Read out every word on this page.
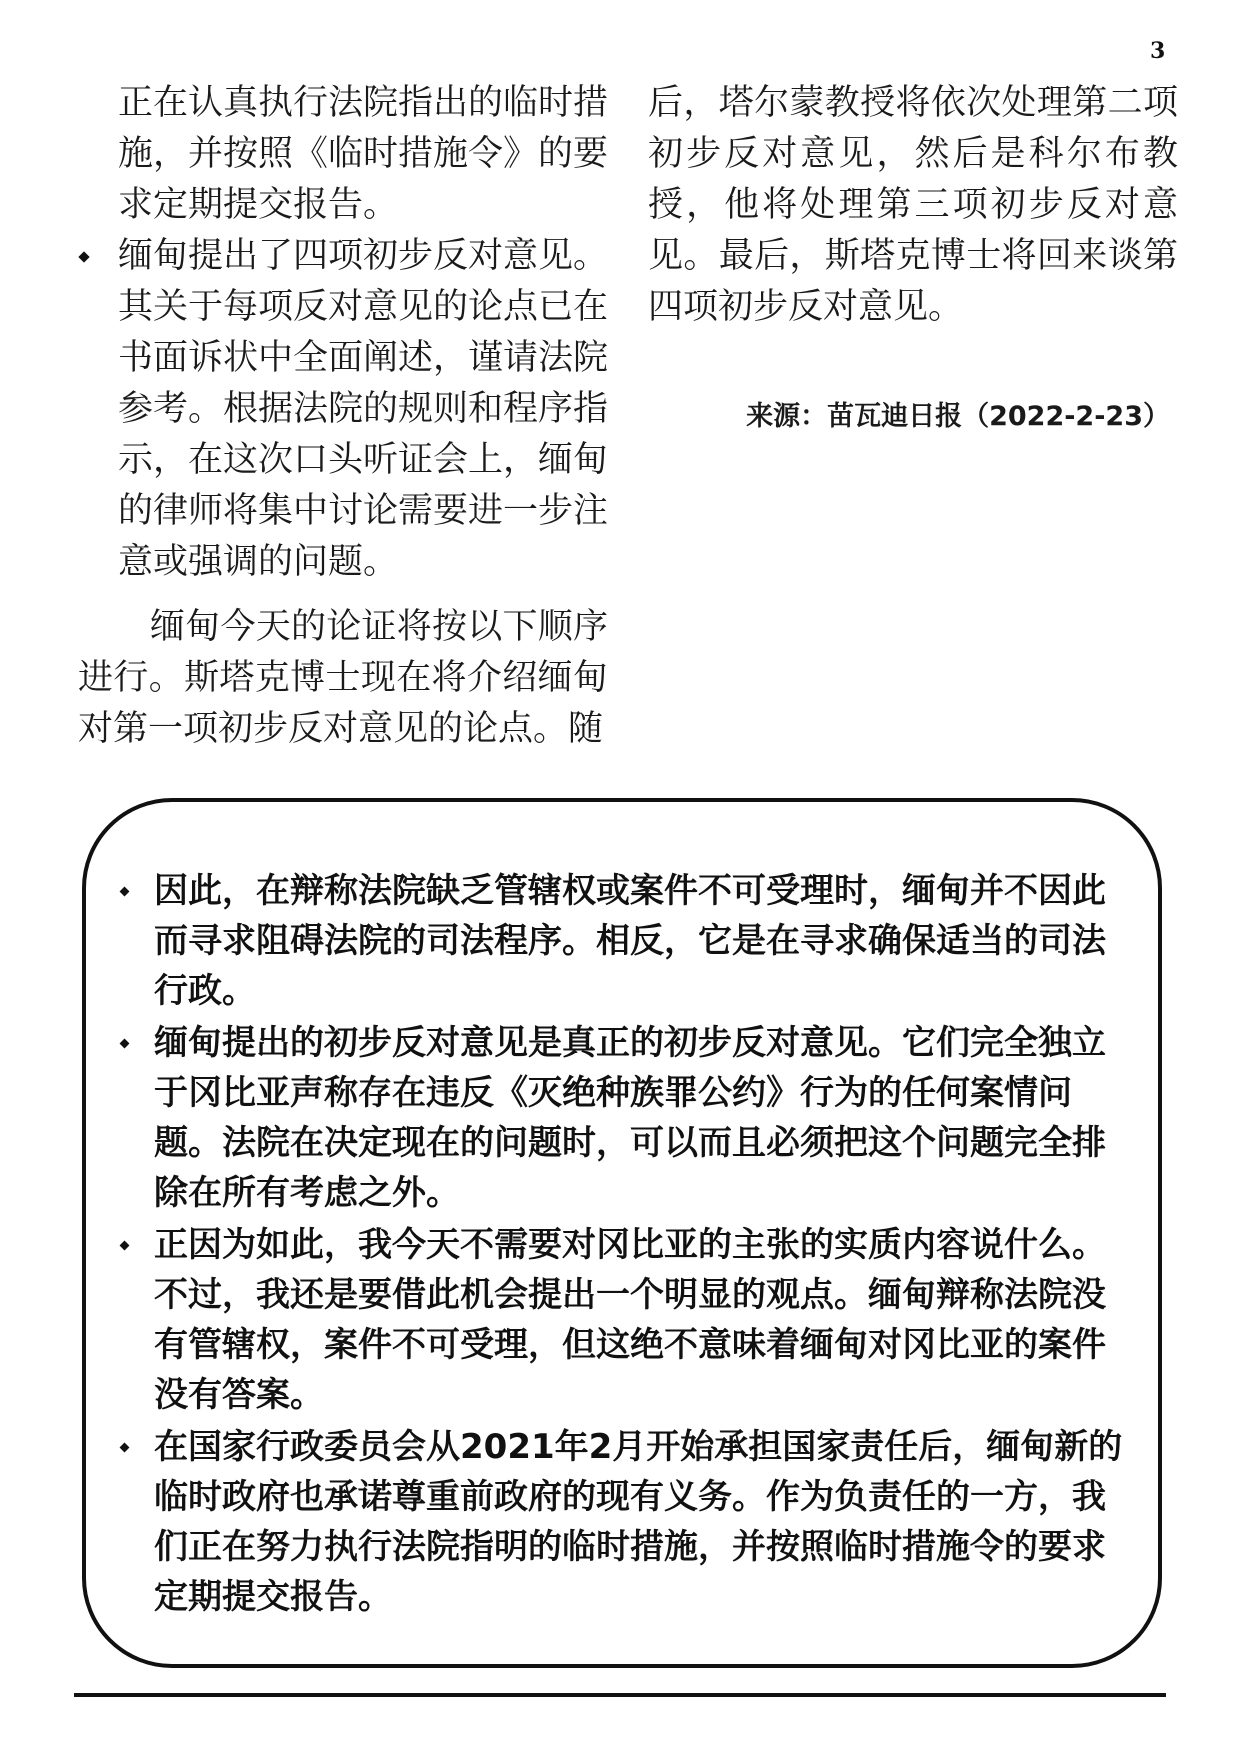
3

正在认真执行法院指出的临时措施，并按照《临时措施令》的要求定期提交报告。

缅甸提出了四项初步反对意见。其关于每项反对意见的论点已在书面诉状中全面阐述，谨请法院参考。根据法院的规则和程序指示，在这次口头听证会上，缅甸的律师将集中讨论需要进一步注意或强调的问题。

缅甸今天的论证将按以下顺序进行。斯塔克博士现在将介绍缅甸对第一项初步反对意见的论点。随

后，塔尔蒙教授将依次处理第二项初步反对意见，然后是科尔布教授，他将处理第三项初步反对意见。最后，斯塔克博士将回来谈第四项初步反对意见。

来源：苗瓦迪日报（2022-2-23）

因此，在辩称法院缺乏管辖权或案件不可受理时，缅甸并不因此而寻求阻碍法院的司法程序。相反，它是在寻求确保适当的司法行政。

缅甸提出的初步反对意见是真正的初步反对意见。它们完全独立于冈比亚声称存在违反《灭绝种族罪公约》行为的任何案情问题。法院在决定现在的问题时，可以而且必须把这个问题完全排除在所有考虑之外。

正因为如此，我今天不需要对冈比亚的主张的实质内容说什么。不过，我还是要借此机会提出一个明显的观点。缅甸辩称法院没有管辖权，案件不可受理，但这绝不意味着缅甸对冈比亚的案件没有答案。

在国家行政委员会从2021年2月开始承担国家责任后，缅甸新的临时政府也承诺尊重前政府的现有义务。作为负责任的一方，我们正在努力执行法院指明的临时措施，并按照临时措施令的要求定期提交报告。
